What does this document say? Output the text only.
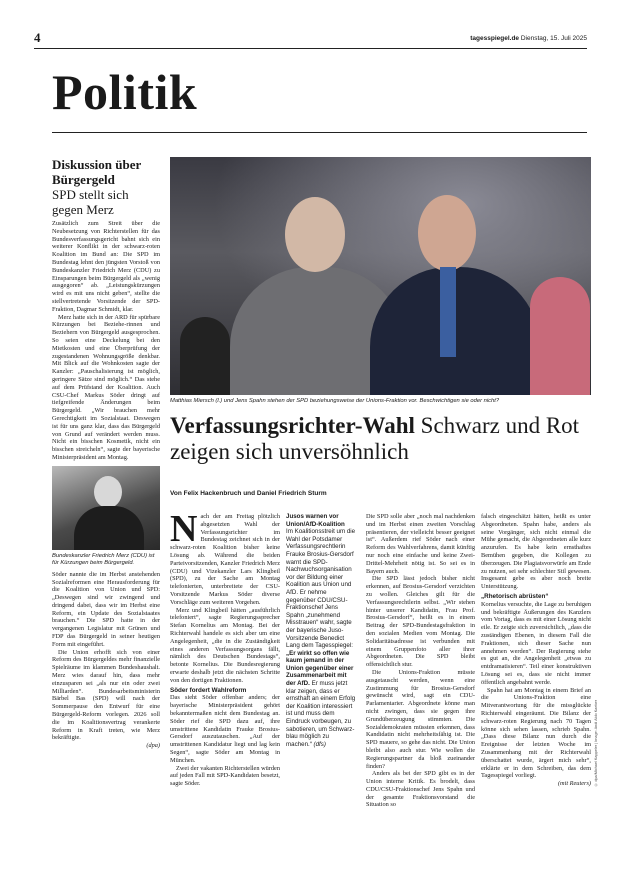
4	tagesspiegel.de Dienstag, 15. Juli 2025
Politik
Diskussion über Bürgergeld
SPD stellt sich gegen Merz

Zusätzlich zum Streit über die Neubesetzung von Richterstellen für das Bundesverfassungsgericht bahnt sich ein weiterer Konflikt in der schwarz-roten Koalition im Bund an: Die SPD im Bundestag lehnt den jüngsten Vorstoß von Bundeskanzler Friedrich Merz (CDU) zu Einsparungen beim Bürgergeld als „wenig ausgegoren“ ab. „Leistungskürzungen wird es mit uns nicht geben“, stellte die stellvertretende Vorsitzende der SPD-Fraktion, Dagmar Schmidt, klar.

Merz hatte sich in der ARD für spürbare Kürzungen bei Beziehe-rinnen und Beziehern von Bürgergeld ausgesprochen. So seien eine Deckelung bei den Mietkosten und eine Überprüfung der zugestandenen Wohnungsgröße denkbar. Mit Blick auf die Wohnkosten sagte der Kanzler: „Pauschalisierung ist möglich, geringere Sätze sind möglich.“ Das stehe auf dem Prüfstand der Koalition. Auch CSU-Chef Markus Söder dringt auf tiefgreifende Änderungen beim Bürgergeld. „Wir brauchen mehr Gerechtigkeit im Sozialstaat. Deswegen ist für uns ganz klar, dass das Bürgergeld von Grund auf verändert werden muss. Nicht ein bisschen Kosmetik, nicht ein bisschen streicheln“, sagte der bayerische Ministerpräsident am Montag.

Bundeskanzler Friedrich Merz (CDU) ist für Kürzungen beim Bürgergeld.

Söder nannte die im Herbst anstehenden Sozialreformen eine Herausforderung für die Koalition von Union und SPD: „Deswegen sind wir zwingend und dringend dabei, dass wir im Herbst eine Reform, ein Update des Sozialstaates brauchen.“ Die SPD hatte in der vergangenen Legislatur mit Grünen und FDP das Bürgergeld in seiner heutigen Form mit eingeführt.

Die Union erhofft sich von einer Reform des Bürgergeldes mehr finanzielle Spielräume im klammen Bundeshaushalt. Merz wies darauf hin, dass mehr einzusparen sei „als nur ein oder zwei Milliarden“. Bundesarbeitsministerin Bärbel Bas (SPD) will nach der Sommerpause den Entwurf für eine Bürgergeld-Reform vorlegen. 2026 soll die im Koalitionsvertrag verankerte Reform in Kraft treten, wie Merz bekräftigte.

(dpa)
Matthias Miersch (l.) und Jens Spahn stehen der SPD beziehungsweise der Unions-Fraktion vor. Beschwichtigen sie oder nicht?
Verfassungsrichter-Wahl Schwarz und Rot zeigen sich unversöhnlich
Von Felix Hackenbruch und Daniel Friedrich Sturm

Nach der am Freitag plötzlich abgesetzten Wahl der Verfassungsrichter im Bundestag zeichnet sich in der schwarz-roten Koalition bisher keine Lösung ab. Während die beiden Parteivorsitzenden, Kanzler Friedrich Merz (CDU) und Vizekanzler Lars Klingbeil (SPD), zu der Sache am Montag telefonierten, unterbreitete der CSU-Vorsitzende Markus Söder diverse Vorschläge zum weiteren Vorgehen.

Merz und Klingbeil hätten „ausführlich telefoniert“, sagte Regierungssprecher Stefan Kornelius am Montag. Bei der Richterwahl handele es sich aber um eine Angelegenheit, „die in die Zuständigkeit eines anderen Verfassungsorgans fällt, nämlich des Deutschen Bundestags“, betonte Kornelius. Die Bundesregierung erwarte deshalb jetzt die nächsten Schritte von den dortigen Fraktionen.

Söder fordert Wahlreform

Das sieht Söder offenbar anders; der bayerische Ministerpräsident gehört bekanntermaßen nicht dem Bundestag an. Söder rief die SPD dazu auf, ihre umstrittene Kandidatin Frauke Brosius-Gersdorf auszutauschen. „Auf der umstrittenen Kandidatur liegt und lag kein Segen“, sagte Söder am Montag in München.

Zwei der vakanten Richterstellen würden auf jeden Fall mit SPD-Kandidaten besetzt, sagte Söder.

Jusos warnen vor Union/AfD-Koalition
Im Koalitionsstreit um die Wahl der Potsdamer Verfassungsrechtlerin Frauke Brosius-Gersdorf warnt die SPD-Nachwuchsorganisation vor der Bildung einer Koalition aus Union und AfD. Er nehme gegenüber CDU/CSU-Fraktionschef Jens Spahn „zunehmend Misstrauen“ wahr, sagte der bayerische Juso-Vorsitzende Benedict Lang dem Tagesspiegel: „Er wirkt so offen wie kaum jemand in der Union gegenüber einer Zusammenarbeit mit der AfD. Er muss jetzt klar zeigen, dass er ernsthaft an einem Erfolg der Koalition interessiert ist und muss dem Eindruck vorbeugen, zu sabotieren, um Schwarz-blau möglich zu machen.“ (dfs)

Die SPD solle aber „noch mal nachdenken und im Herbst einen zweiten Vorschlag präsentieren, der vielleicht besser geeignet ist“. Außerdem rief Söder nach einer Reform des Wahlverfahrens, damit künftig nur noch eine einfache und keine Zwei-Drittel-Mehrheit nötig ist. So sei es in Bayern auch.

Die SPD lässt jedoch bisher nicht erkennen, auf Brosius-Gersdorf verzichten zu wollen. Gleiches gilt für die Verfassungsrechtlerin selbst. „Wir stehen hinter unserer Kandidatin, Frau Prof. Brosius-Gersdorf“, heißt es in einem Beitrag der SPD-Bundestagsfraktion in den sozialen Medien vom Montag. Die Solidaritätsadresse ist verbunden mit einem Gruppenfoto aller ihrer Abgeordneten. Die SPD bleibt offensichtlich stur.

Die Unions-Fraktion müsste ausgetauscht werden, wenn eine Zustimmung für Brosius-Gersdorf gewünscht wird, sagt ein CDU-Parlamentarier. Abgeordnete könne man nicht zwingen, dass sie gegen ihre Grundüberzeugung stimmten. Die Sozialdemokraten müssten erkennen, dass Kandidatin nicht mehrheitsfähig ist. Die SPD mauere, so gehe das nicht. Die Union bleibt also auch stur. Wie wollen die Regierungspartner da bloß zueinander finden?

Anders als bei der SPD gibt es in der Union interne Kritik. Es brodelt, dass CDU/CSU-Fraktionschef Jens Spahn und der gesamte Fraktionsvorstand die Situation so

falsch eingeschätzt hätten, heißt es unter Abgeordneten. Spahn habe, anders als seine Vorgänger, sich nicht einmal die Mühe gemacht, die Abgeordneten alle kurz anzurufen. Es habe kein ernsthaftes Bemühen gegeben, die Kollegen zu überzeugen. Die Plagiatsvorwürfe am Ende zu nutzen, sei sehr schlechter Stil gewesen. Insgesamt gebe es aber noch breite Unterstützung.

„Rhetorisch abrüsten“

Kornelius versuchte, die Lage zu beruhigen und bekräftigte Äußerungen des Kanzlers vom Vortag, dass es mit einer Lösung nicht eile. Er zeigte sich zuversichtlich, „dass die zuständigen Ebenen, in diesem Fall die Fraktionen, sich dieser Sache nun annehmen werden“. Der Regierung stehe es gut an, die Angelegenheit „etwas zu entdramatisieren“. Teil einer konstruktiven Lösung sei es, dass sie nicht immer öffentlich angebahnt werde.

Spahn hat am Montag in einem Brief an die Unions-Fraktion eine Mitverantwortung für die missglückte Richterwahl eingeräumt. Die Bilanz der schwarz-roten Regierung nach 70 Tagen könne sich sehen lassen, schrieb Spahn. „Dass diese Bilanz nun durch die Ereignisse der letzten Woche im Zusammenhang mit der Richterwahl überschattet wurde, ärgert mich sehr“, erklärte er in dem Schreiben, das dem Tagesspiegel vorliegt.

(mit Reuters) © dpa/Michael Kappeler | Image: Andi Aldo Kaeber
